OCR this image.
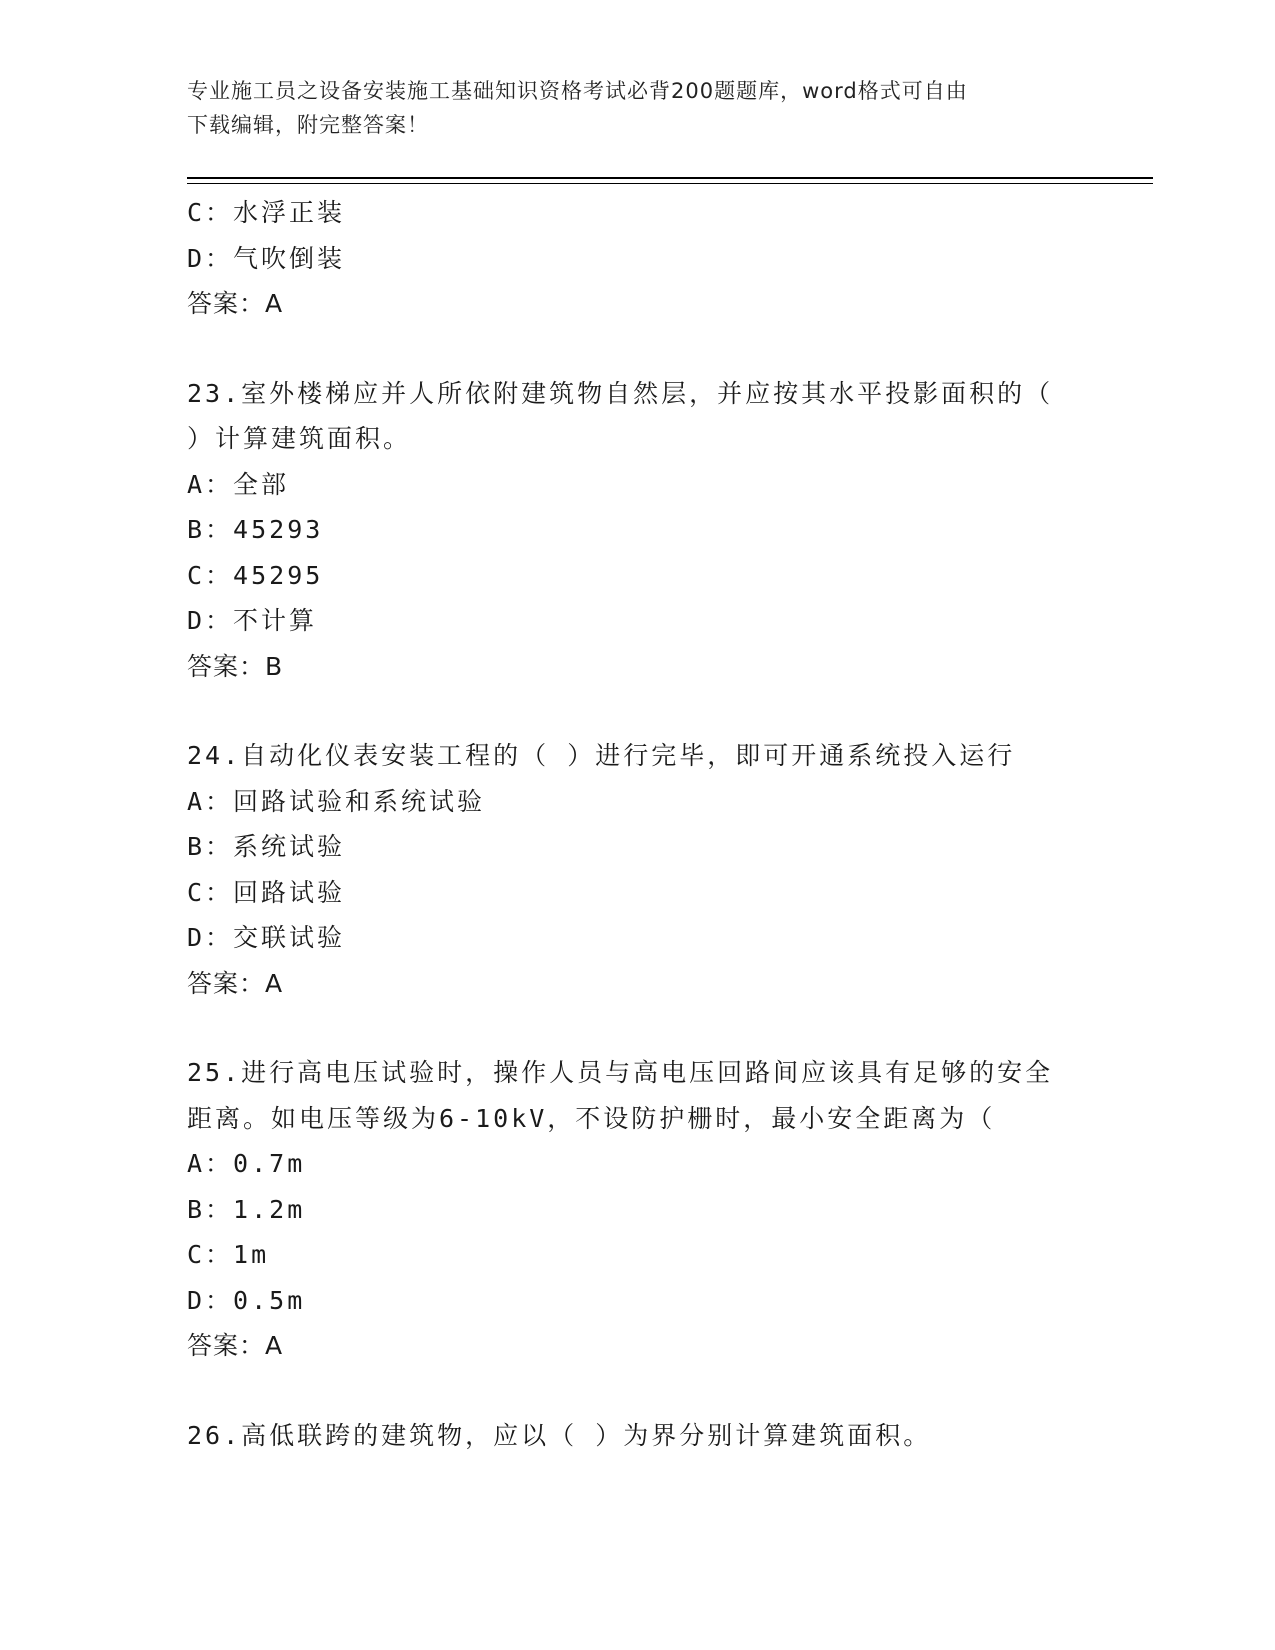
专业施工员之设备安装施工基础知识资格考试必背200题题库，word格式可自由
下载编辑，附完整答案！
C：水浮正装
D：气吹倒装
答案：A
23.室外楼梯应并人所依附建筑物自然层，并应按其水平投影面积的（
）计算建筑面积。
A：全部
B：45293
C：45295
D：不计算
答案：B
24.自动化仪表安装工程的（ ）进行完毕，即可开通系统投入运行
A：回路试验和系统试验
B：系统试验
C：回路试验
D：交联试验
答案：A
25.进行高电压试验时，操作人员与高电压回路间应该具有足够的安全
距离。如电压等级为6-10kV，不设防护栅时，最小安全距离为（
A：0.7m
B：1.2m
C：1m
D：0.5m
答案：A
26.高低联跨的建筑物，应以（ ）为界分别计算建筑面积。
